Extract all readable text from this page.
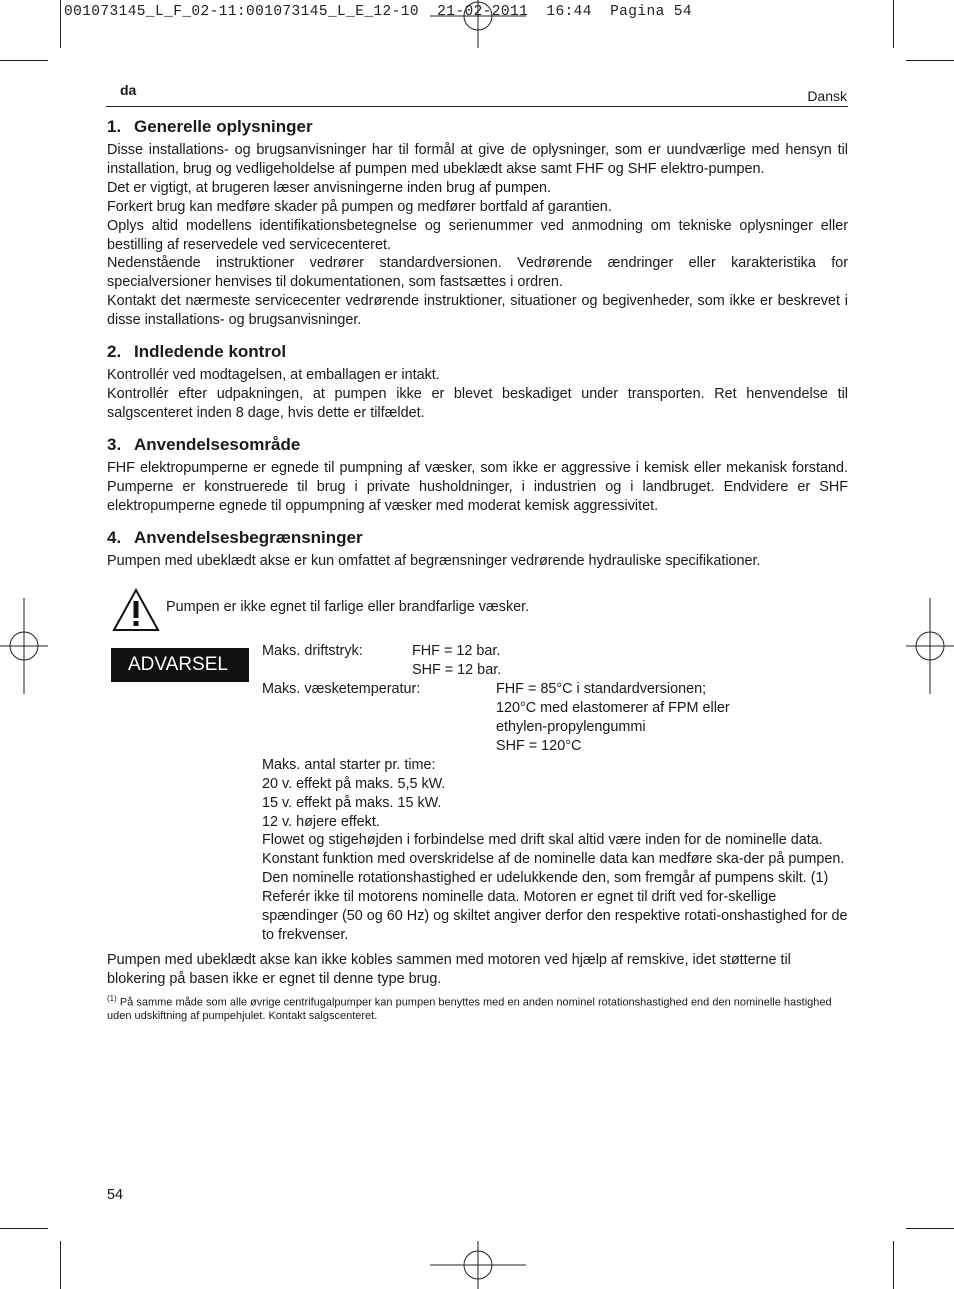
001073145_L_F_02-11:001073145_L_E_12-10  21-02-2011  16:44  Pagina 54
da	Dansk
1. Generelle oplysninger

Disse installations- og brugsanvisninger har til formål at give de oplysninger, som er uundværlige med hensyn til installation, brug og vedligeholdelse af pumpen med ubeklædt akse samt FHF og SHF elektro-pumpen.

Det er vigtigt, at brugeren læser anvisningerne inden brug af pumpen.

Forkert brug kan medføre skader på pumpen og medfører bortfald af garantien.

Oplys altid modellens identifikationsbetegnelse og serienummer ved anmodning om tekniske oplysninger eller bestilling af reservedele ved servicecenteret.

Nedenstående instruktioner vedrører standardversionen. Vedrørende ændringer eller karakteristika for specialversioner henvises til dokumentationen, som fastsættes i ordren.

Kontakt det nærmeste servicecenter vedrørende instruktioner, situationer og begivenheder, som ikke er beskrevet i disse installations- og brugsanvisninger.

2. Indledende kontrol

Kontrollér ved modtagelsen, at emballagen er intakt.

Kontrollér efter udpakningen, at pumpen ikke er blevet beskadiget under transporten. Ret henvendelse til salgscenteret inden 8 dage, hvis dette er tilfældet.

3. Anvendelsesområde

FHF elektropumperne er egnede til pumpning af væsker, som ikke er aggressive i kemisk eller mekanisk forstand. Pumperne er konstruerede til brug i private husholdninger, i industrien og i landbruget. Endvidere er SHF elektropumperne egnede til oppumpning af væsker med moderat kemisk aggressivitet.

4. Anvendelsesbegrænsninger

Pumpen med ubeklædt akse er kun omfattet af begrænsninger vedrørende hydrauliske specifikationer.

Pumpen er ikke egnet til farlige eller brandfarlige væsker.
ADVARSEL
Maks. driftstryk:	FHF = 12 bar.
SHF = 12 bar.
Maks. væsketemperatur:	FHF = 85°C i standardversionen;
120°C med elastomerer af FPM eller
ethylen-propylengummi
SHF = 120°C
Maks. antal starter pr. time:
20 v. effekt på maks. 5,5 kW.
15 v. effekt på maks. 15 kW.
12 v. højere effekt.

Flowet og stigehøjden i forbindelse med drift skal altid være inden for de nominelle data. Konstant funktion med overskridelse af de nominelle data kan medføre ska-der på pumpen.

Den nominelle rotationshastighed er udelukkende den, som fremgår af pumpens skilt. (1) Referér ikke til motorens nominelle data. Motoren er egnet til drift ved for-skellige spændinger (50 og 60 Hz) og skiltet angiver derfor den respektive rotati-onshastighed for de to frekvenser.

Pumpen med ubeklædt akse kan ikke kobles sammen med motoren ved hjælp af remskive, idet støtterne til blokering på basen ikke er egnet til denne type brug.

$^{(1)}$ På samme måde som alle øvrige centrifugalpumper kan pumpen benyttes med en anden nominel rotationshastighed end den nominelle hastighed uden udskiftning af pumpehjulet. Kontakt salgscenteret.
54
